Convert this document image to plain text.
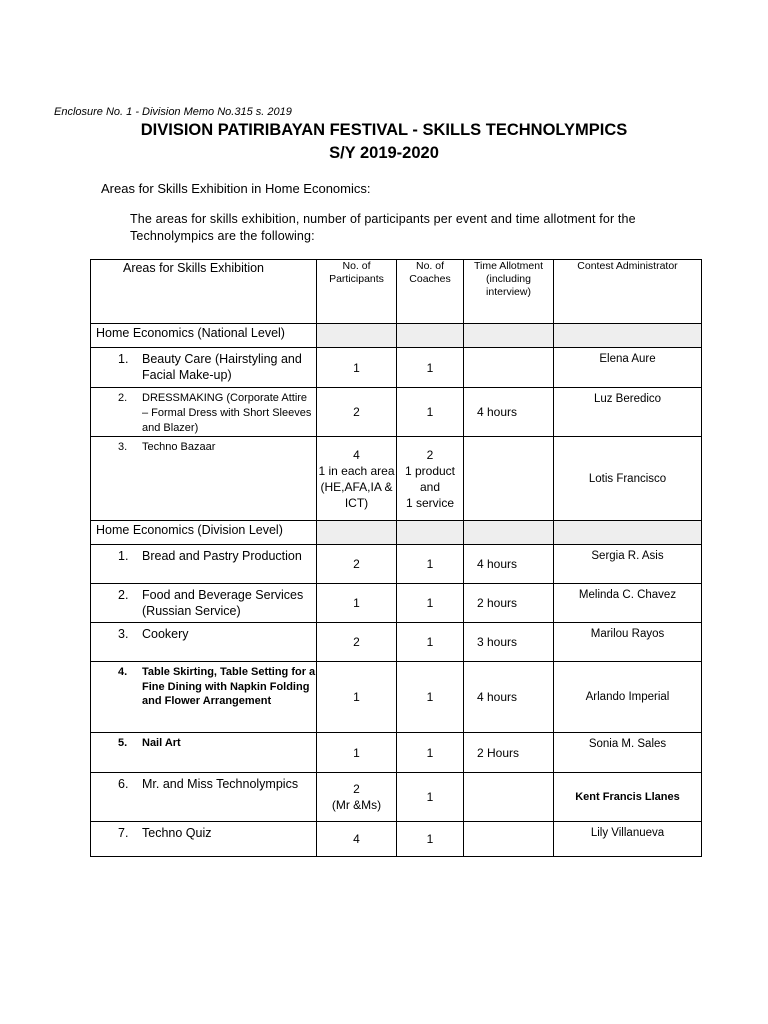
Enclosure No. 1 - Division Memo No.315 s. 2019
DIVISION PATIRIBAYAN FESTIVAL - SKILLS TECHNOLYMPICS
S/Y 2019-2020
Areas for Skills Exhibition in Home Economics:
The areas for skills exhibition, number of participants per event and time allotment for the Technolympics are the following:
Areas for Skills Exhibition	No. of Participants	No. of Coaches	Time Allotment (including interview)	Contest Administrator
Home Economics (National Level)				

1. Beauty Care (Hairstyling and Facial Make-up)	1	1		Elena Aure

2. DRESSMAKING (Corporate Attire – Formal Dress with Short Sleeves and Blazer)	2	1	4 hours	Luz Beredico

3. Techno Bazaar	4
1 in each area
(HE,AFA,IA & ICT)	2
1 product and
1 service		Lotis Francisco
Home Economics (Division Level)				

1. Bread and Pastry Production	2	1	4 hours	Sergia R. Asis

2. Food and Beverage Services (Russian Service)	1	1	2 hours	Melinda C. Chavez

3. Cookery	2	1	3 hours	Marilou Rayos

4. Table Skirting, Table Setting for a Fine Dining with Napkin Folding and Flower Arrangement	1	1	4 hours	Arlando Imperial

5. Nail Art	1	1	2 Hours	Sonia M. Sales

6. Mr. and Miss Technolympics	2
(Mr &Ms)	1		Kent Francis Llanes

7. Techno Quiz	4	1		Lily Villanueva
